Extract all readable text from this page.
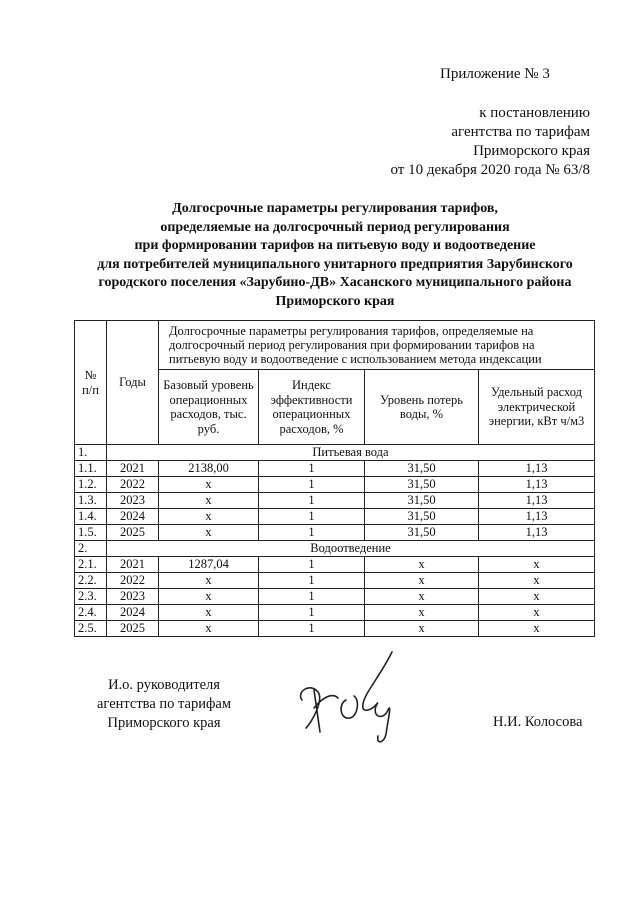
Приложение № 3
к постановлению
агентства по тарифам
Приморского края
от 10 декабря 2020 года № 63/8
Долгосрочные параметры регулирования тарифов,
определяемые на долгосрочный период регулирования
при формировании тарифов на питьевую воду и водоотведение
для потребителей муниципального унитарного предприятия Зарубинского
городского поселения «Зарубино-ДВ» Хасанского муниципального района
Приморского края
№ п/п	Годы	Долгосрочные параметры регулирования тарифов, определяемые на долгосрочный период регулирования при формировании тарифов на питьевую воду и водоотведение с использованием метода индексации			
		Базовый уровень операционных расходов, тыс. руб.	Индекс эффективности операционных расходов, %	Уровень потерь воды, %	Удельный расход электрической энергии, кВт ч/м3
1.	Питьевая вода				
1.1.	2021	2138,00	1	31,50	1,13
1.2.	2022	х	1	31,50	1,13
1.3.	2023	х	1	31,50	1,13
1.4.	2024	х	1	31,50	1,13
1.5.	2025	х	1	31,50	1,13
2.	Водоотведение				
2.1.	2021	1287,04	1	х	х
2.2.	2022	х	1	х	х
2.3.	2023	х	1	х	х
2.4.	2024	х	1	х	х
2.5.	2025	х	1	х	х
И.о. руководителя
агентства по тарифам
Приморского края	Н.И. Колосова
